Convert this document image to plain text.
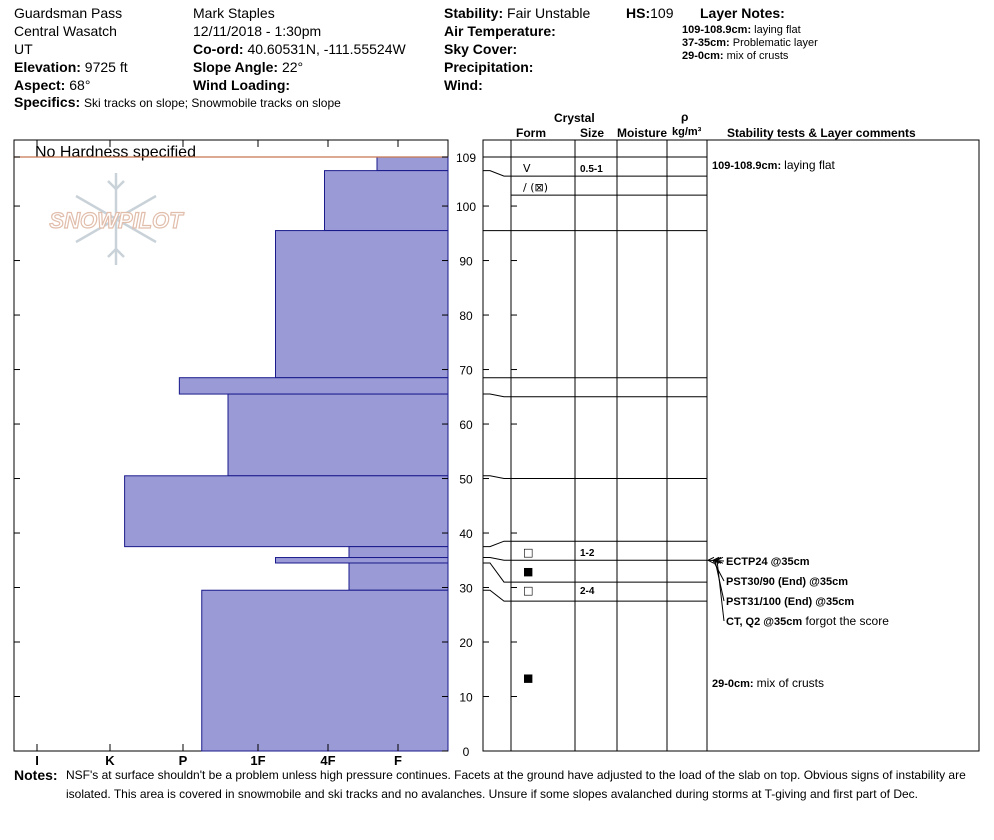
Guardsman Pass
Central Wasatch
UT
Elevation: 9725 ft
Aspect: 68°
Mark Staples
12/11/2018 - 1:30pm
Co-ord: 40.60531N, -111.55524W
Slope Angle: 22°
Wind Loading:
Stability: Fair Unstable
Air Temperature:
Sky Cover:
Precipitation:
Wind:
HS:109 Layer Notes:
109-108.9cm: laying flat
37-35cm: Problematic layer
29-0cm: mix of crusts
Specifics: Ski tracks on slope; Snowmobile tracks on slope
SNOWPILOT
No Hardness specified
I	K	P	1F	4F	F
0
10
20
30
40
50
60
70
80
90
100
109
Crystal
Form	Size Moisture
ρ
kg/m³ Stability tests & Layer comments
V	0.5-1
/ (⊠)
□	1-2
■
□	2-4
■
109-108.9cm: laying flat
29-0cm: mix of crusts
ECTP24 @35cm
PST30/90 (End) @35cm
PST31/100 (End) @35cm
CT, Q2 @35cm forgot the score
Notes: NSF's at surface shouldn't be a problem unless high pressure continues. Facets at the ground have adjusted to the load of the slab on top. Obvious signs of instability are isolated. This area is covered in snowmobile and ski tracks and no avalanches. Unsure if some slopes avalanched during storms at T-giving and first part of Dec.
